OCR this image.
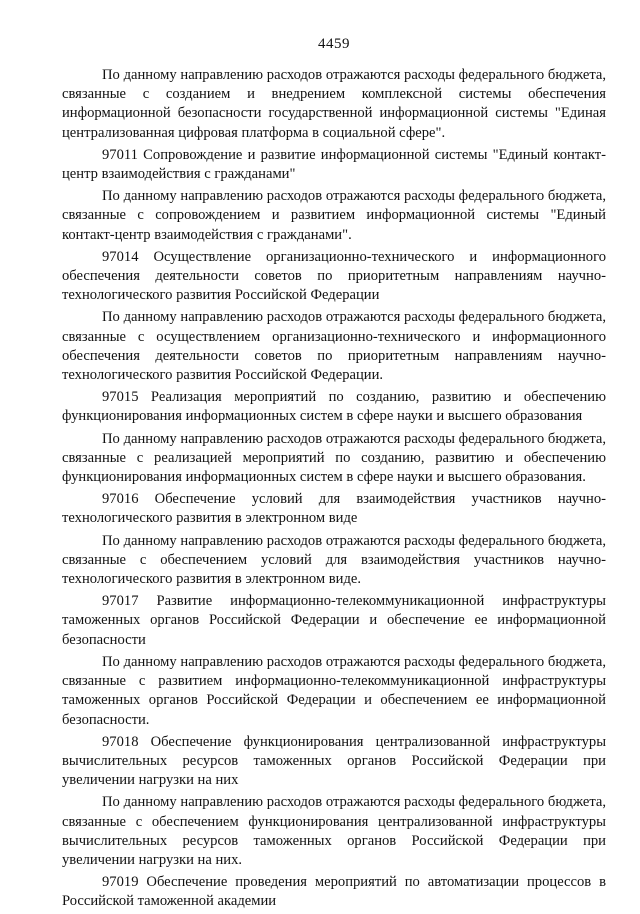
4459

По данному направлению расходов отражаются расходы федерального бюджета, связанные с созданием и внедрением комплексной системы обеспечения информационной безопасности государственной информационной системы "Единая централизованная цифровая платформа в социальной сфере".

97011 Сопровождение и развитие информационной системы "Единый контакт-центр взаимодействия с гражданами"

По данному направлению расходов отражаются расходы федерального бюджета, связанные с сопровождением и развитием информационной системы "Единый контакт-центр взаимодействия с гражданами".

97014 Осуществление организационно-технического и информационного обеспечения деятельности советов по приоритетным направлениям научно-технологического развития Российской Федерации

По данному направлению расходов отражаются расходы федерального бюджета, связанные с осуществлением организационно-технического и информационного обеспечения деятельности советов по приоритетным направлениям научно-технологического развития Российской Федерации.

97015 Реализация мероприятий по созданию, развитию и обеспечению функционирования информационных систем в сфере науки и высшего образования

По данному направлению расходов отражаются расходы федерального бюджета, связанные с реализацией мероприятий по созданию, развитию и обеспечению функционирования информационных систем в сфере науки и высшего образования.

97016 Обеспечение условий для взаимодействия участников научно-технологического развития в электронном виде

По данному направлению расходов отражаются расходы федерального бюджета, связанные с обеспечением условий для взаимодействия участников научно-технологического развития в электронном виде.

97017 Развитие информационно-телекоммуникационной инфраструктуры таможенных органов Российской Федерации и обеспечение ее информационной безопасности

По данному направлению расходов отражаются расходы федерального бюджета, связанные с развитием информационно-телекоммуникационной инфраструктуры таможенных органов Российской Федерации и обеспечением ее информационной безопасности.

97018 Обеспечение функционирования централизованной инфраструктуры вычислительных ресурсов таможенных органов Российской Федерации при увеличении нагрузки на них

По данному направлению расходов отражаются расходы федерального бюджета, связанные с обеспечением функционирования централизованной инфраструктуры вычислительных ресурсов таможенных органов Российской Федерации при увеличении нагрузки на них.

97019 Обеспечение проведения мероприятий по автоматизации процессов в Российской таможенной академии
